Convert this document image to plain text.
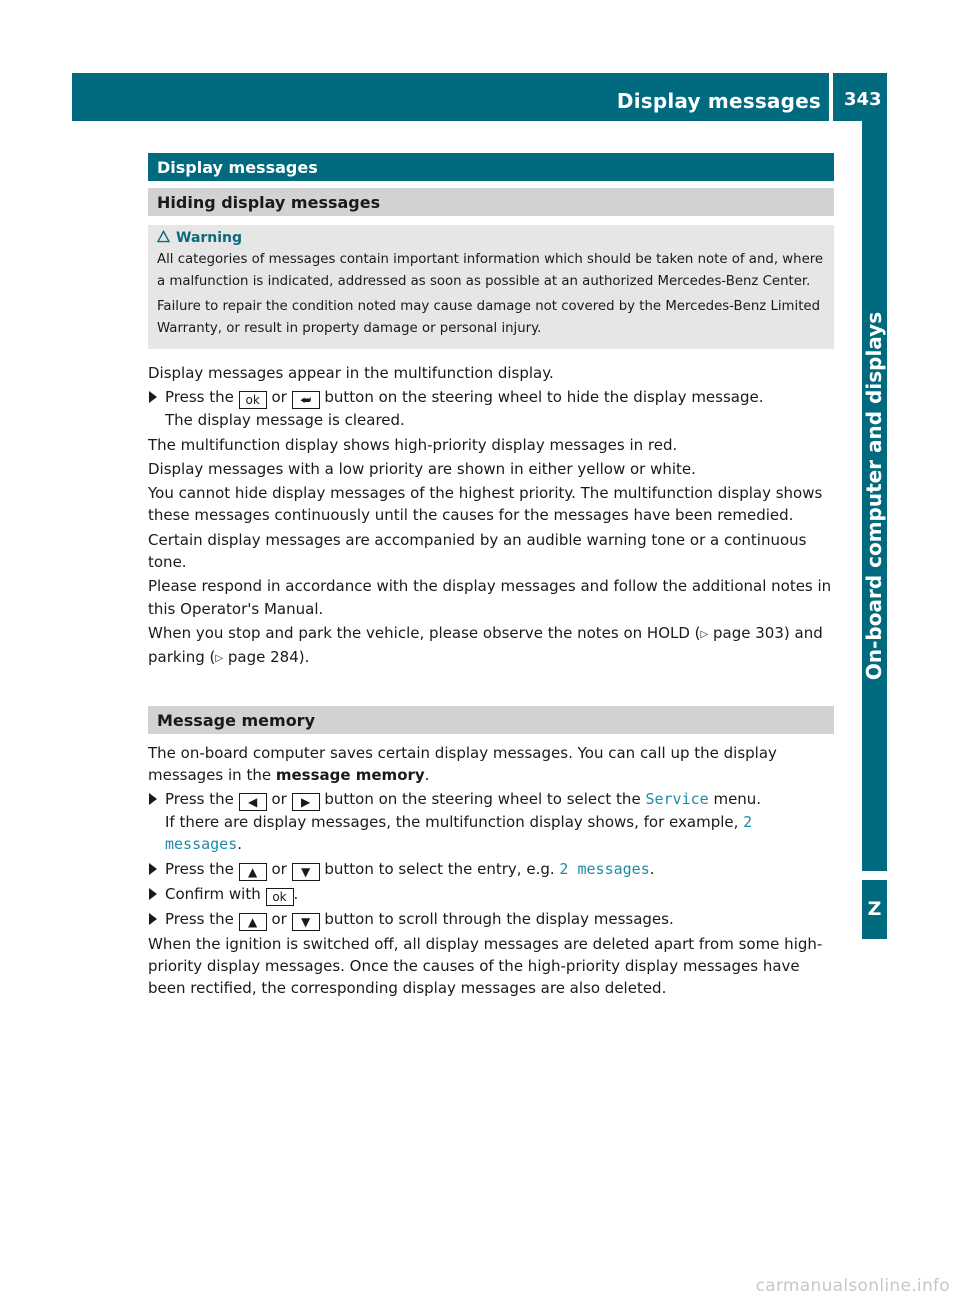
Display messages 343
On-board computer and displays
Z
Display messages
Hiding display messages
Warning

All categories of messages contain important information which should be taken note of and, where a malfunction is indicated, addressed as soon as possible at an authorized Mercedes-Benz Center.

Failure to repair the condition noted may cause damage not covered by the Mercedes-Benz Limited Warranty, or result in property damage or personal injury.

Display messages appear in the multifunction display.

Press the ok or ⮨ button on the steering wheel to hide the display message.
The display message is cleared.

The multifunction display shows high-priority display messages in red.

Display messages with a low priority are shown in either yellow or white.

You cannot hide display messages of the highest priority. The multifunction display shows these messages continuously until the causes for the messages have been remedied.

Certain display messages are accompanied by an audible warning tone or a continuous tone.

Please respond in accordance with the display messages and follow the additional notes in this Operator's Manual.

When you stop and park the vehicle, please observe the notes on HOLD (▷ page 303) and parking (▷ page 284).

Message memory

The on-board computer saves certain display messages. You can call up the display messages in the message memory.

Press the ◀ or ▶ button on the steering wheel to select the Service menu.
If there are display messages, the multifunction display shows, for example, 2 messages.
Press the ▲ or ▼ button to select the entry, e.g. 2 messages.
Confirm with ok .
Press the ▲ or ▼ button to scroll through the display messages.

When the ignition is switched off, all display messages are deleted apart from some high-priority display messages. Once the causes of the high-priority display messages have been rectified, the corresponding display messages are also deleted.

carmanualsonline.info
